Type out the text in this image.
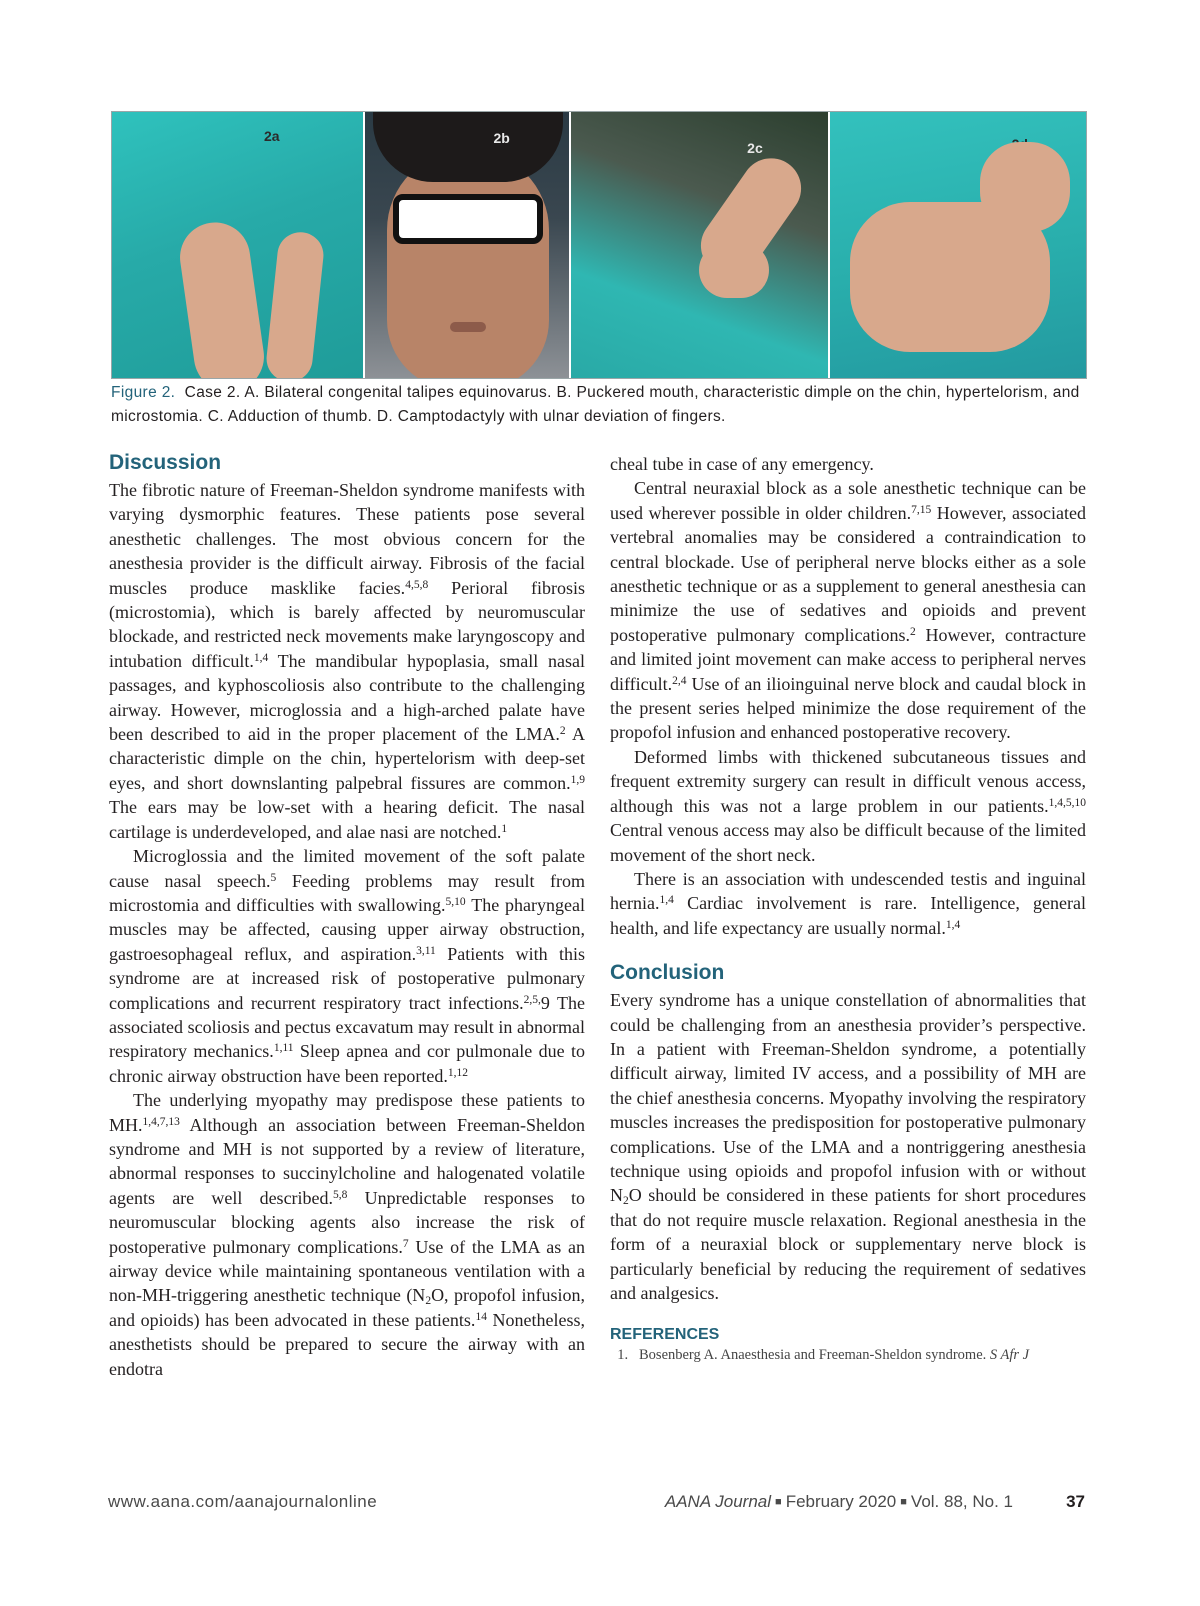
2a	2b
2c
Figure 2. Case 2. A. Bilateral congenital talipes equinovarus. B. Puckered mouth, characteristic dimple on the chin, hypertelorism, and microstomia. C. Adduction of thumb. D. Camptodactyly with ulnar deviation of fingers.
Discussion

The fibrotic nature of Freeman-Sheldon syndrome manifests with varying dysmorphic features. These patients pose several anesthetic challenges. The most obvious concern for the anesthesia provider is the difficult airway. Fibrosis of the facial muscles produce masklike facies.$^{4,5,8}$ Perioral fibrosis (microstomia), which is barely affected by neuromuscular blockade, and restricted neck movements make laryngoscopy and intubation difficult.$^{1,4}$ The mandibular hypoplasia, small nasal passages, and kyphoscoliosis also contribute to the challenging airway. However, microglossia and a high-arched palate have been described to aid in the proper placement of the LMA.$^2$ A characteristic dimple on the chin, hypertelorism with deep-set eyes, and short downslanting palpebral fissures are common.$^{1,9}$ The ears may be low-set with a hearing deficit. The nasal cartilage is underdeveloped, and alae nasi are notched.$^1$

Microglossia and the limited movement of the soft palate cause nasal speech.$^5$ Feeding problems may result from microstomia and difficulties with swallowing.$^{5,10}$ The pharyngeal muscles may be affected, causing upper airway obstruction, gastroesophageal reflux, and aspiration.$^{3,11}$ Patients with this syndrome are at increased risk of postoperative pulmonary complications and recurrent respiratory tract infections.$^{2,5,}$9 The associated scoliosis and pectus excavatum may result in abnormal respiratory mechanics.$^{1,11}$ Sleep apnea and cor pulmonale due to chronic airway obstruction have been reported.$^{1,12}$

The underlying myopathy may predispose these patients to MH.$^{1,4,7,13}$ Although an association between Freeman-Sheldon syndrome and MH is not supported by a review of literature, abnormal responses to succinylcholine and halogenated volatile agents are well described.$^{5,8}$ Unpredictable responses to neuromuscular blocking agents also increase the risk of postoperative pulmonary complications.$^7$ Use of the LMA as an airway device while maintaining spontaneous ventilation with a non-MH-triggering anesthetic technique ($N_2O$, propofol infusion, and opioids) has been advocated in these patients.$^{14}$ Nonetheless, anesthetists should be prepared to secure the airway with an endotra

cheal tube in case of any emergency.

Central neuraxial block as a sole anesthetic technique can be used wherever possible in older children.$^{7,15}$ However, associated vertebral anomalies may be considered a contraindication to central blockade. Use of peripheral nerve blocks either as a sole anesthetic technique or as a supplement to general anesthesia can minimize the use of sedatives and opioids and prevent postoperative pulmonary complications.$^2$ However, contracture and limited joint movement can make access to peripheral nerves difficult.$^{2,4}$ Use of an ilioinguinal nerve block and caudal block in the present series helped minimize the dose requirement of the propofol infusion and enhanced postoperative recovery.

Deformed limbs with thickened subcutaneous tissues and frequent extremity surgery can result in difficult venous access, although this was not a large problem in our patients.$^{1,4,5,10}$ Central venous access may also be difficult because of the limited movement of the short neck.

There is an association with undescended testis and inguinal hernia.$^{1,4}$ Cardiac involvement is rare. Intelligence, general health, and life expectancy are usually normal.$^{1,4}$

Conclusion

Every syndrome has a unique constellation of abnormalities that could be challenging from an anesthesia provider’s perspective. In a patient with Freeman-Sheldon syndrome, a potentially difficult airway, limited IV access, and a possibility of MH are the chief anesthesia concerns. Myopathy involving the respiratory muscles increases the predisposition for postoperative pulmonary complications. Use of the LMA and a nontriggering anesthesia technique using opioids and propofol infusion with or without $N_2O$ should be considered in these patients for short procedures that do not require muscle relaxation. Regional anesthesia in the form of a neuraxial block or supplementary nerve block is particularly beneficial by reducing the requirement of sedatives and analgesics.

REFERENCES
1. Bosenberg A. Anaesthesia and Freeman-Sheldon syndrome. S Afr J
www.aana.com/aanajournalonline	AANA Journal ■ February 2020 ■ Vol. 88, No. 1	37
